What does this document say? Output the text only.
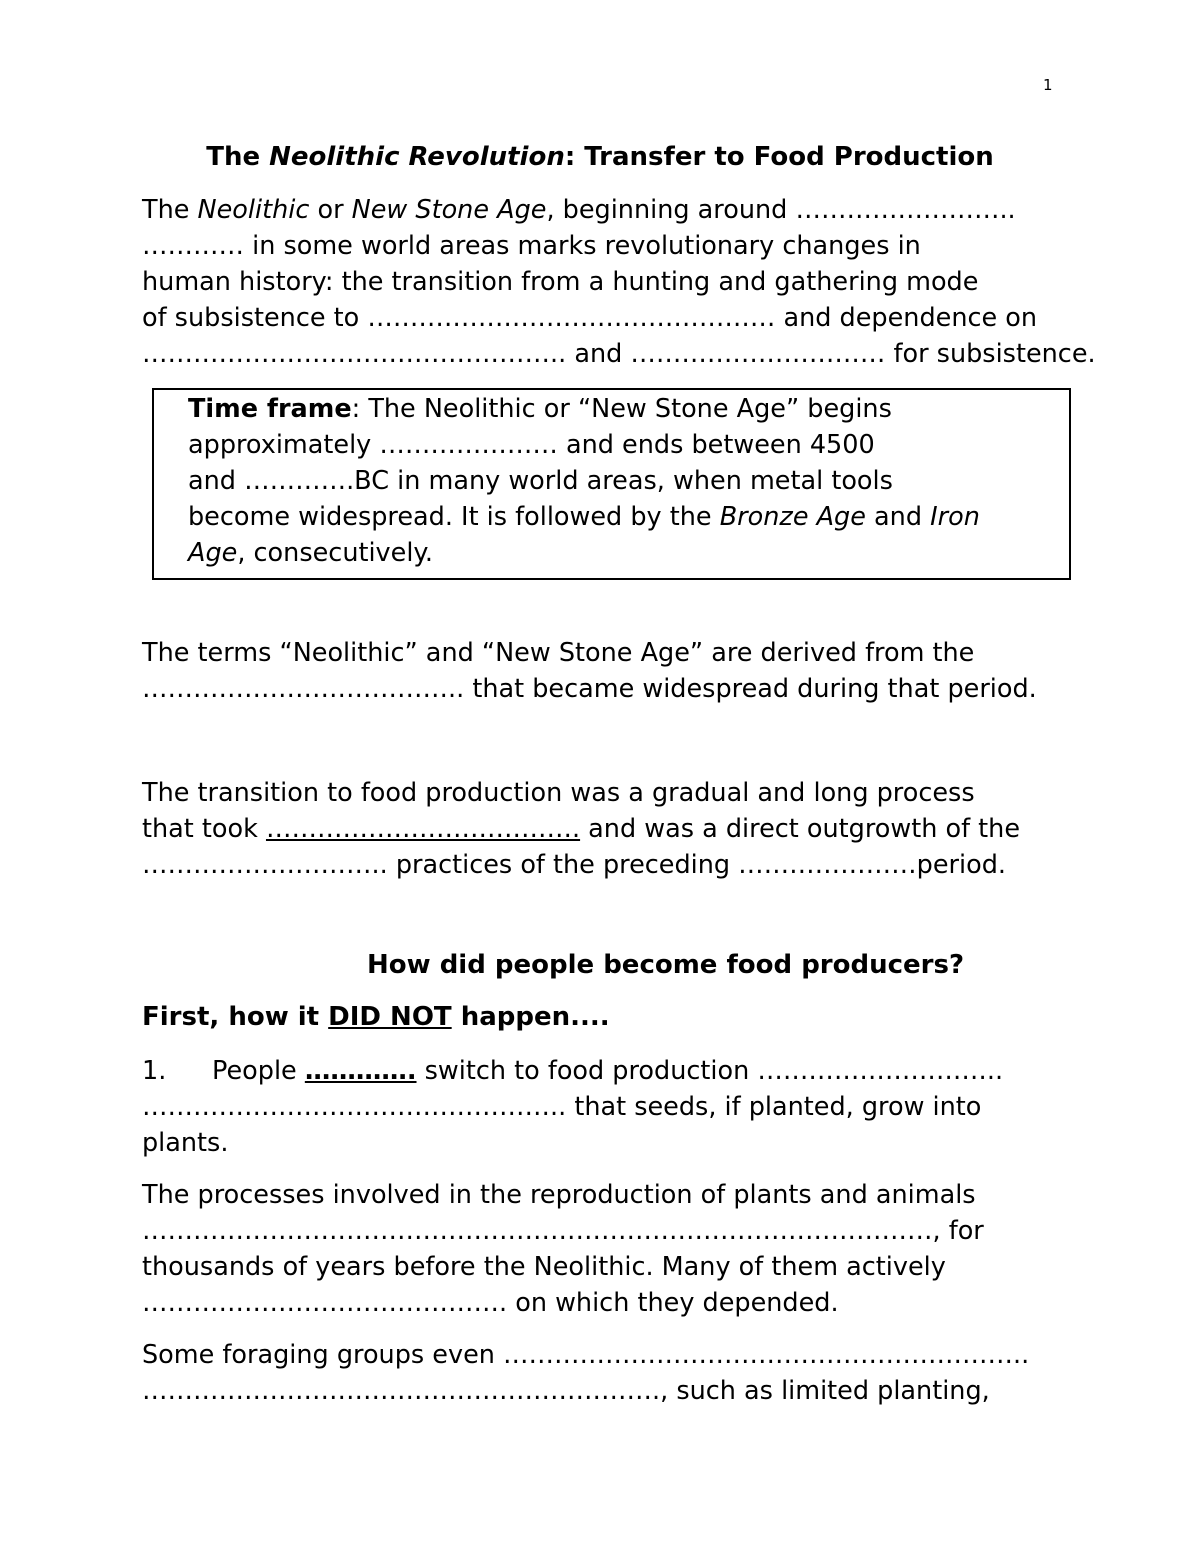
1
The Neolithic Revolution: Transfer to Food Production
The Neolithic or New Stone Age, beginning around ……………………..
………… in some world areas marks revolutionary changes in
human history: the transition from a hunting and gathering mode
of subsistence to ………………………………………… and dependence on
………………………………………….. and ………………………… for subsistence.
Time frame: The Neolithic or “New Stone Age” begins
approximately ………………… and ends between 4500
and ………….BC in many world areas, when metal tools
become widespread. It is followed by the Bronze Age and Iron
Age, consecutively.
The terms “Neolithic” and “New Stone Age” are derived from the
……………………………….. that became widespread during that period.
The transition to food production was a gradual and long process
that took ………………………………. and was a direct outgrowth of the
……………………….. practices of the preceding …………………period.
How did people become food producers?
First, how it DID NOT happen....
1. People …………. switch to food production ………………………..
………………………………………….. that seeds, if planted, grow into
plants.
The processes involved in the reproduction of plants and animals
…………………………………………………………………………………, for
thousands of years before the Neolithic. Many of them actively
……………………………………. on which they depended.
Some foraging groups even ……………………………………………………..
……………………………………………………., such as limited planting,
